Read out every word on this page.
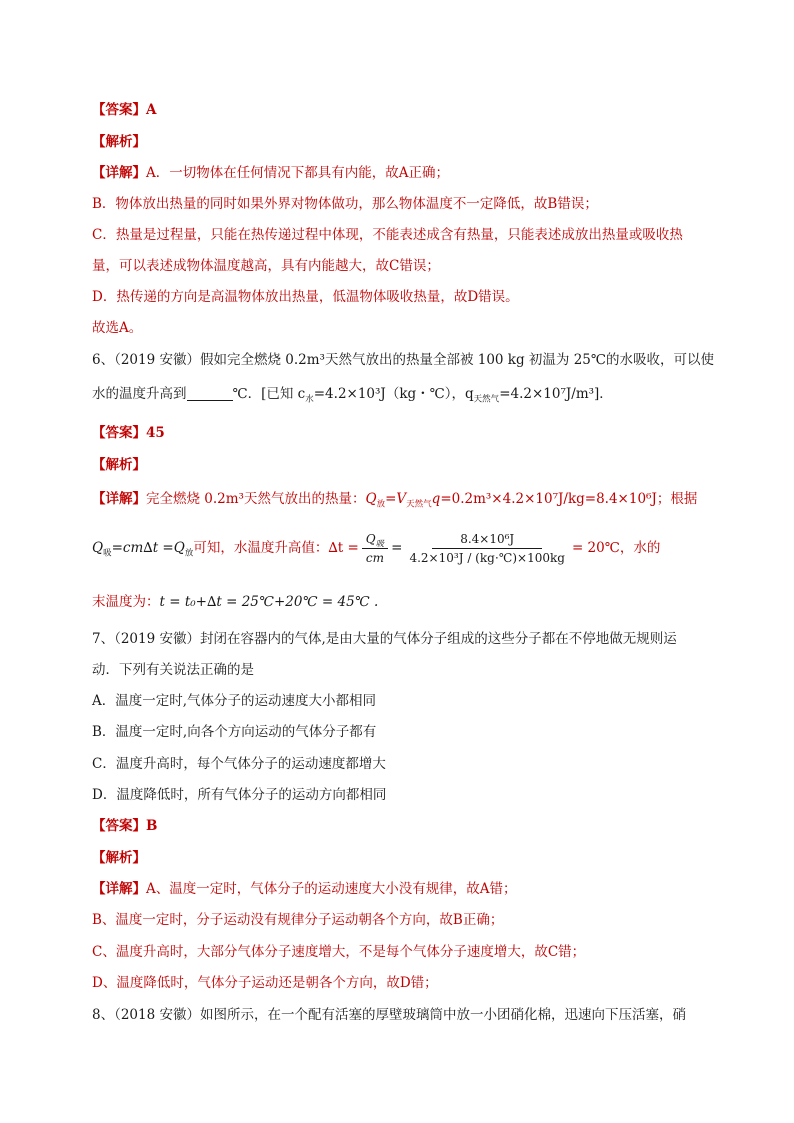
【答案】A
【解析】
【详解】A．一切物体在任何情况下都具有内能，故A正确；
B．物体放出热量的同时如果外界对物体做功，那么物体温度不一定降低，故B错误；
C．热量是过程量，只能在热传递过程中体现，不能表述成含有热量，只能表述成放出热量或吸收热
量，可以表述成物体温度越高，具有内能越大，故C错误；
D．热传递的方向是高温物体放出热量，低温物体吸收热量，故D错误。
故选A。
6、（2019 安徽）假如完全燃烧 0.2m³天然气放出的热量全部被 100 kg 初温为 25℃的水吸收，可以使
水的温度升高到	℃．[已知 $c_水=4.2\times 10^3J(kg$・℃），$q_{天然气}=4.2\times 10^7J/m^3$]．
【答案】45
【解析】
【详解】完全燃烧 0.2m³天然气放出的热量：$Q_放=V_{天然气}q=0.2m^3\times 4.2\times 10^7J/kg=8.4\times 10^6J$；根据
$Q_吸=cm\Delta t =Q_放$可知，水温度升高值：$\Delta t = \frac{Q_吸}{cm} = \frac{\text{8.4×10⁶J}}{\text{4.2×10³J / (kg⋅℃)×100kg}}$ = 20℃，水的
末温度为：t = t₀+∆t = 25℃+20℃ = 45℃ .
7、（2019 安徽）封闭在容器内的气体,是由大量的气体分子组成的这些分子都在不停地做无规则运
动．下列有关说法正确的是
A．温度一定时,气体分子的运动速度大小都相同
B．温度一定时,向各个方向运动的气体分子都有
C．温度升高时，每个气体分子的运动速度都增大
D．温度降低时，所有气体分子的运动方向都相同
【答案】B
【解析】
【详解】A、温度一定时，气体分子的运动速度大小没有规律，故A错；
B、温度一定时，分子运动没有规律分子运动朝各个方向，故B正确；
C、温度升高时，大部分气体分子速度增大，不是每个气体分子速度增大，故C错；
D、温度降低时，气体分子运动还是朝各个方向，故D错；
8、（2018 安徽）如图所示，在一个配有活塞的厚壁玻璃筒中放一小团硝化棉，迅速向下压活塞，硝
